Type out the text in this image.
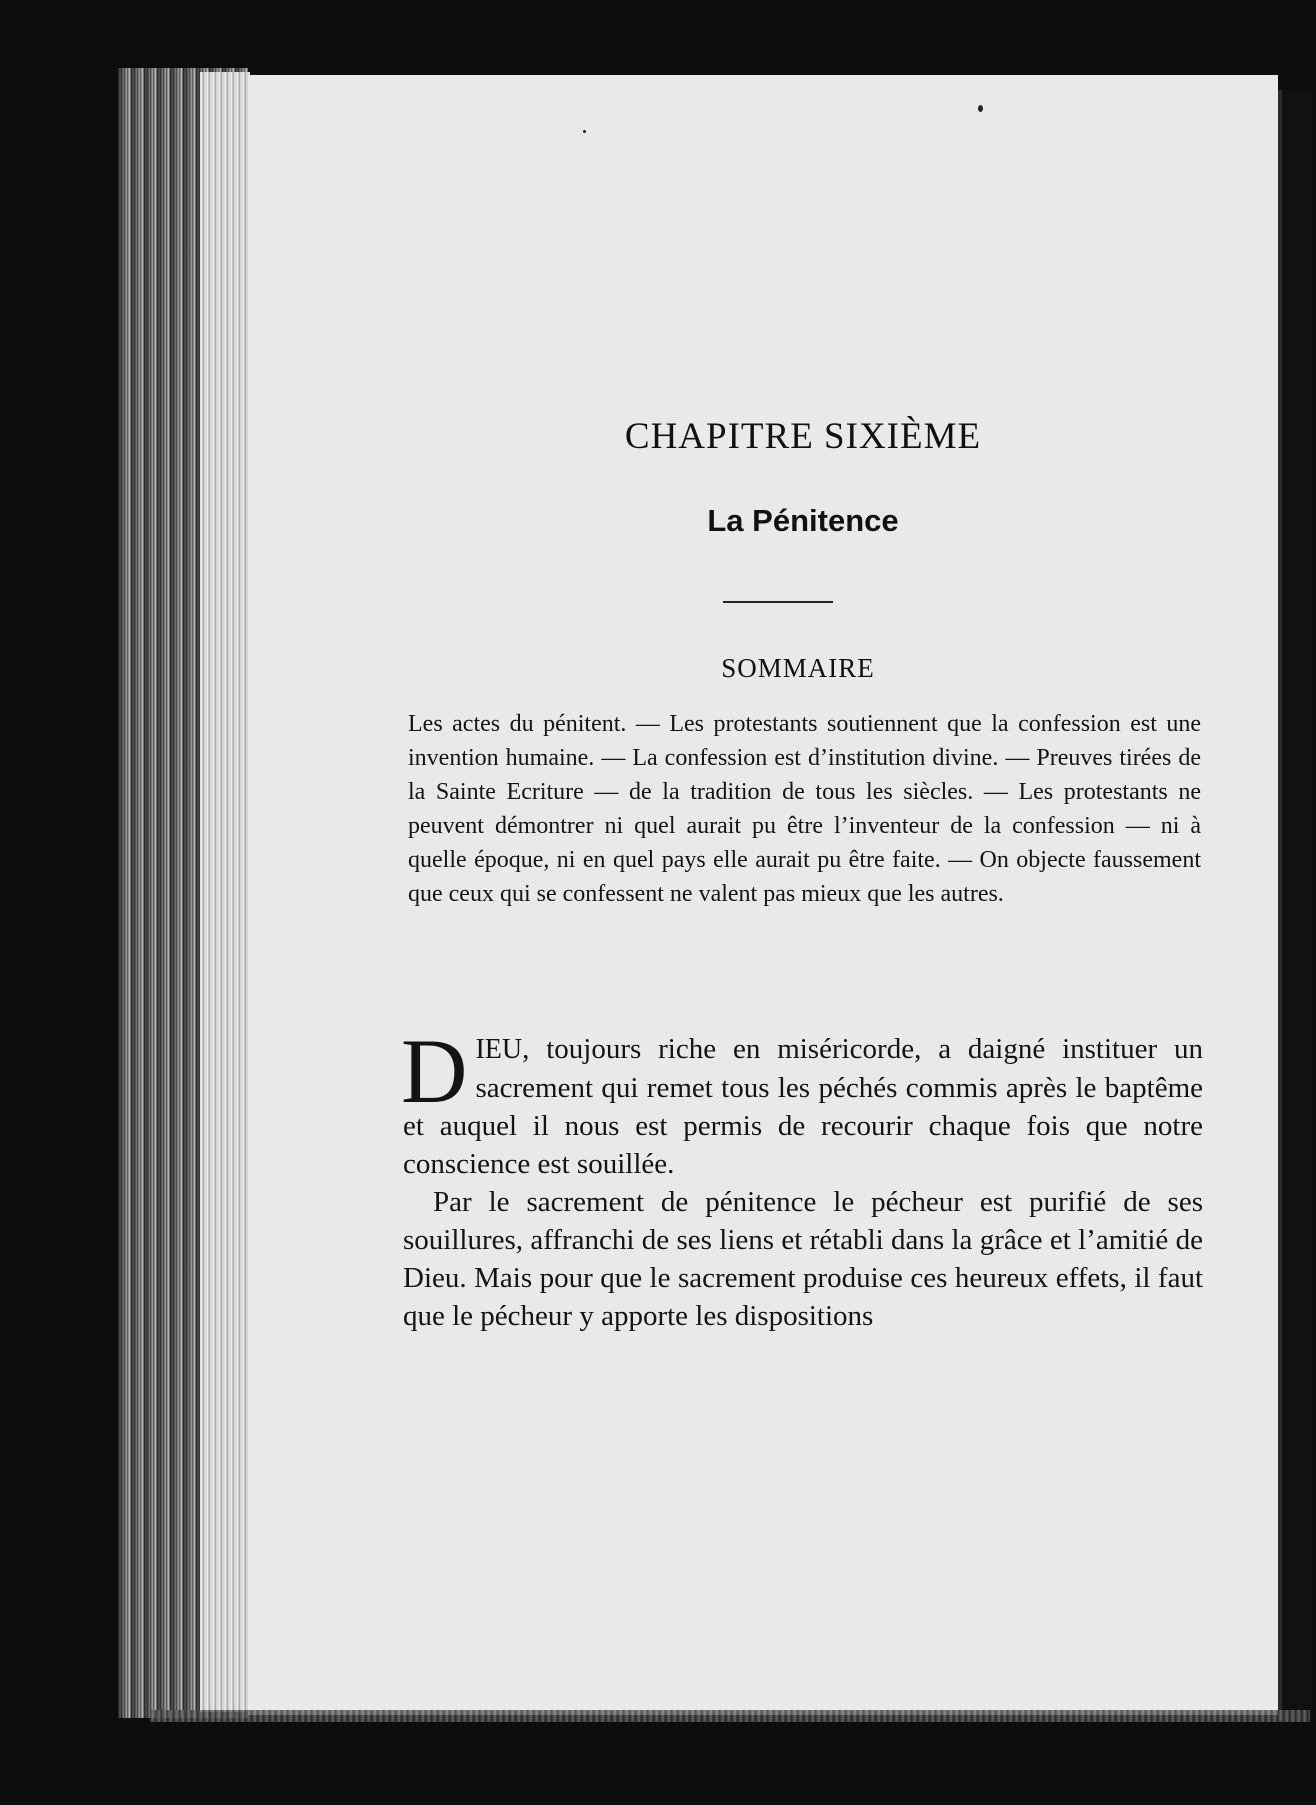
CHAPITRE SIXIÈME
La Pénitence
SOMMAIRE

Les actes du pénitent. — Les protestants soutiennent que la confession est une invention humaine. — La confession est d’institution divine. — Preuves tirées de la Sainte Ecriture — de la tradition de tous les siècles. — Les protestants ne peuvent démontrer ni quel aurait pu être l’inventeur de la confession — ni à quelle époque, ni en quel pays elle aurait pu être faite. — On objecte faussement que ceux qui se confessent ne valent pas mieux que les autres.

DIEU, toujours riche en miséricorde, a daigné instituer un sacrement qui remet tous les péchés commis après le baptême et auquel il nous est permis de recourir chaque fois que notre conscience est souillée.

Par le sacrement de pénitence le pécheur est purifié de ses souillures, affranchi de ses liens et rétabli dans la grâce et l’amitié de Dieu. Mais pour que le sacrement produise ces heureux effets, il faut que le pécheur y apporte les dispositions
